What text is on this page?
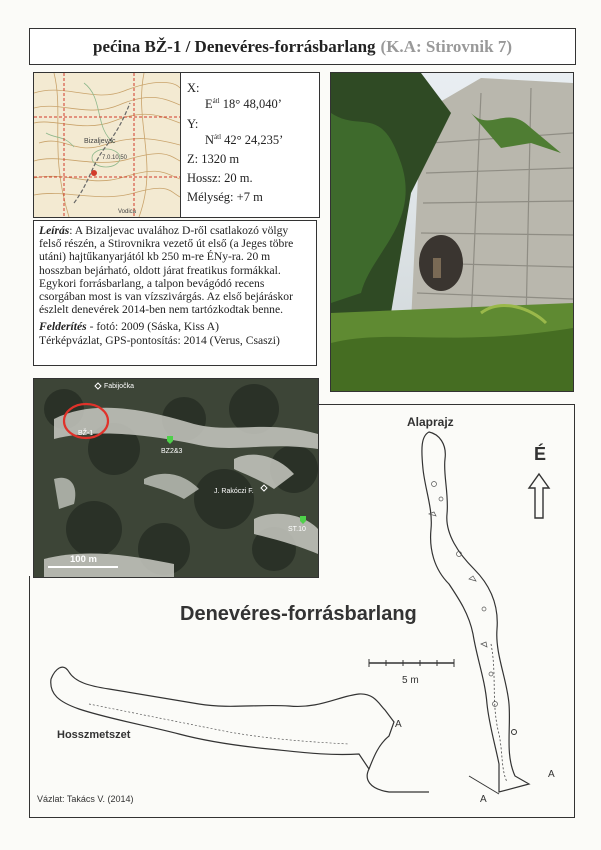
pećina BŽ-1 / Denevéres-forrásbarlang (K.A: Stirovnik 7)
Bizaljevac
Vodica
7.0.10.50
X:
$E^{átl}$ 18° 48,040’
Y:
$N^{átl}$ 42° 24,235’
Z: 1320 m
Hossz: 20 m.
Mélység: +7 m

Leírás: A Bizaljevac uvalához D-ről csatlakozó völgy felső részén, a Stirovnikra vezető út első (a Jeges töbre utáni) hajtűkanyarjától kb 250 m-re ÉNy-ra. 20 m hosszban bejárható, oldott járat freatikus formákkal. Egykori forrásbarlang, a talpon bevágódó recens csorgában most is van vízszivárgás. Az első bejáráskor észlelt denevérek 2014-ben nem tartózkodtak benne.

Felderítés - fotó: 2009 (Sáska, Kiss A)

Térképvázlat, GPS-pontosítás: 2014 (Verus, Csaszi)

Fabijočka
BŽ-1
BZ2&3
J. Rakóczi F.
ST.10
100 m
Alaprajz
É
Denevéres-forrásbarlang
5 m
A
A
A
Hosszmetszet
Vázlat: Takács V. (2014)
